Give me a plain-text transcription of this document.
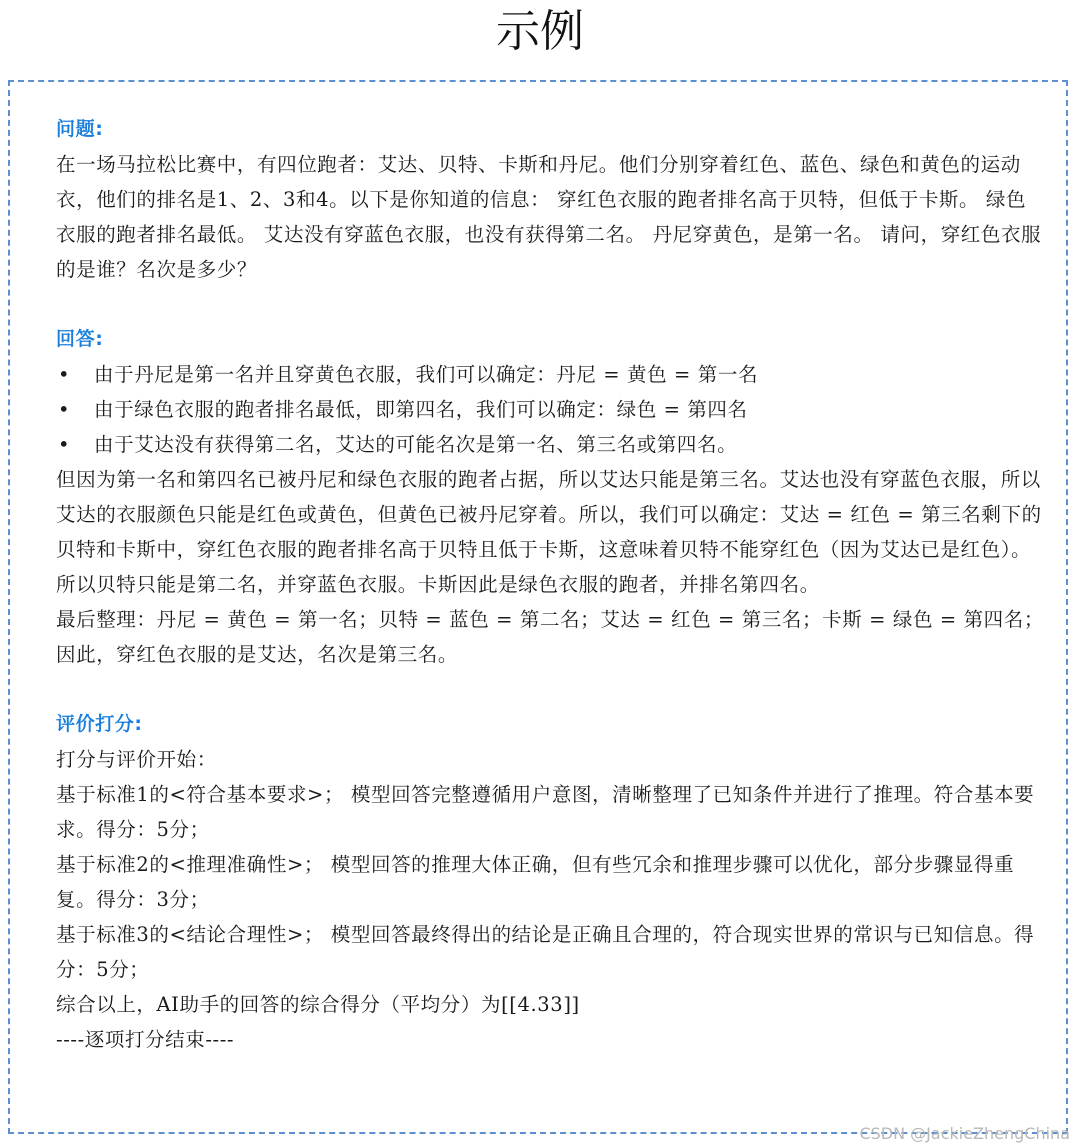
示例
问题:
在一场马拉松比赛中，有四位跑者：艾达、贝特、卡斯和丹尼。他们分别穿着红色、蓝色、绿色和黄色的运动衣，他们的排名是1、2、3和4。以下是你知道的信息： 穿红色衣服的跑者排名高于贝特，但低于卡斯。 绿色衣服的跑者排名最低。 艾达没有穿蓝色衣服，也没有获得第二名。 丹尼穿黄色，是第一名。 请问，穿红色衣服的是谁？名次是多少？
回答:
•	由于丹尼是第一名并且穿黄色衣服，我们可以确定：丹尼 = 黄色 = 第一名
•	由于绿色衣服的跑者排名最低，即第四名，我们可以确定：绿色 = 第四名
•	由于艾达没有获得第二名，艾达的可能名次是第一名、第三名或第四名。
但因为第一名和第四名已被丹尼和绿色衣服的跑者占据，所以艾达只能是第三名。艾达也没有穿蓝色衣服，所以艾达的衣服颜色只能是红色或黄色，但黄色已被丹尼穿着。所以，我们可以确定：艾达 = 红色 = 第三名剩下的贝特和卡斯中，穿红色衣服的跑者排名高于贝特且低于卡斯，这意味着贝特不能穿红色（因为艾达已是红色）。所以贝特只能是第二名，并穿蓝色衣服。卡斯因此是绿色衣服的跑者，并排名第四名。
最后整理：丹尼 = 黄色 = 第一名；贝特 = 蓝色 = 第二名；艾达 = 红色 = 第三名；卡斯 = 绿色 = 第四名；因此，穿红色衣服的是艾达，名次是第三名。
评价打分:
打分与评价开始：
基于标准1的<符合基本要求>； 模型回答完整遵循用户意图，清晰整理了已知条件并进行了推理。符合基本要求。得分：5分；
基于标准2的<推理准确性>； 模型回答的推理大体正确，但有些冗余和推理步骤可以优化，部分步骤显得重复。得分：3分；
基于标准3的<结论合理性>； 模型回答最终得出的结论是正确且合理的，符合现实世界的常识与已知信息。得分：5分；
综合以上，AI助手的回答的综合得分（平均分）为[[4.33]]
----逐项打分结束----
CSDN @JackieZhengChina
